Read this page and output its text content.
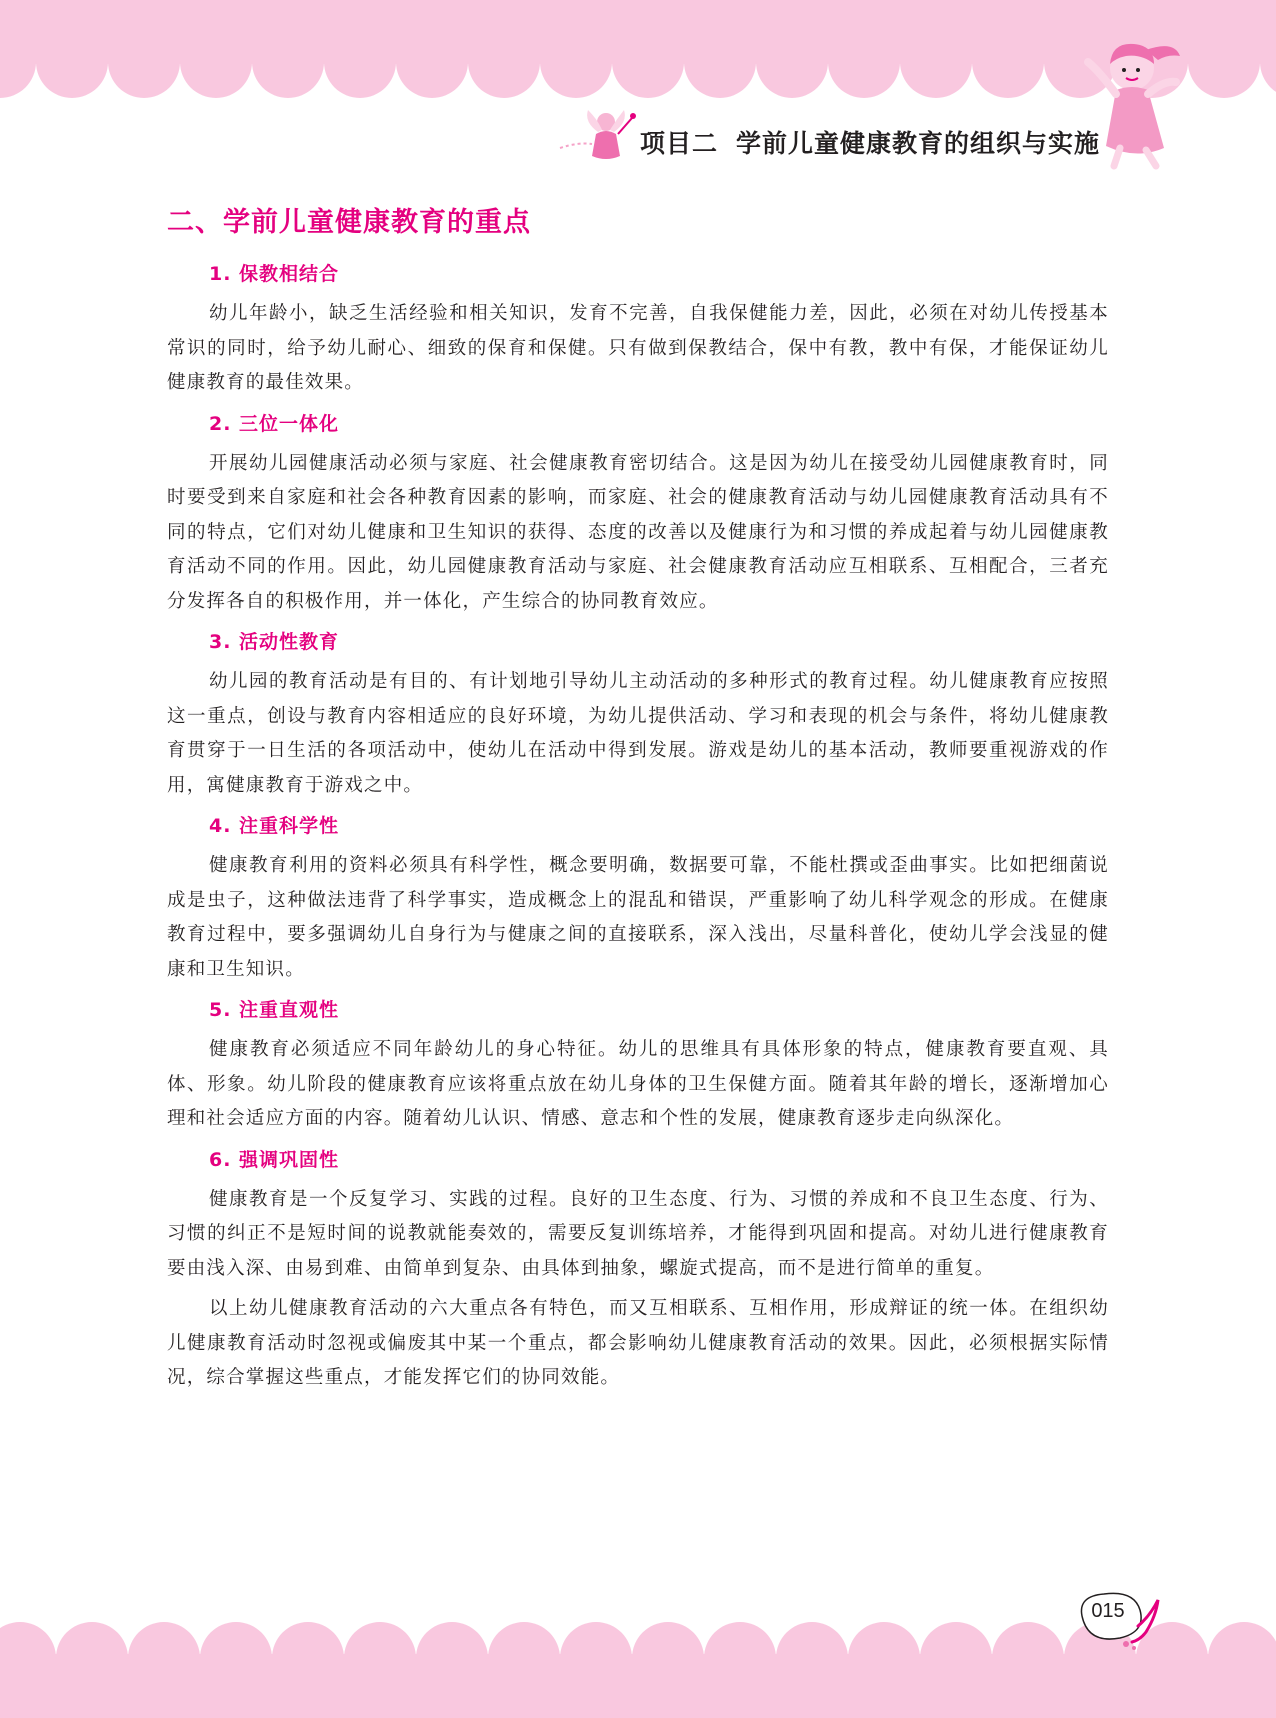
项目二 学前儿童健康教育的组织与实施
二、学前儿童健康教育的重点
1. 保教相结合

幼儿年龄小，缺乏生活经验和相关知识，发育不完善，自我保健能力差，因此，必须在对幼儿传授基本常识的同时，给予幼儿耐心、细致的保育和保健。只有做到保教结合，保中有教，教中有保，才能保证幼儿健康教育的最佳效果。

2. 三位一体化

开展幼儿园健康活动必须与家庭、社会健康教育密切结合。这是因为幼儿在接受幼儿园健康教育时，同时要受到来自家庭和社会各种教育因素的影响，而家庭、社会的健康教育活动与幼儿园健康教育活动具有不同的特点，它们对幼儿健康和卫生知识的获得、态度的改善以及健康行为和习惯的养成起着与幼儿园健康教育活动不同的作用。因此，幼儿园健康教育活动与家庭、社会健康教育活动应互相联系、互相配合，三者充分发挥各自的积极作用，并一体化，产生综合的协同教育效应。

3. 活动性教育

幼儿园的教育活动是有目的、有计划地引导幼儿主动活动的多种形式的教育过程。幼儿健康教育应按照这一重点，创设与教育内容相适应的良好环境，为幼儿提供活动、学习和表现的机会与条件，将幼儿健康教育贯穿于一日生活的各项活动中，使幼儿在活动中得到发展。游戏是幼儿的基本活动，教师要重视游戏的作用，寓健康教育于游戏之中。

4. 注重科学性

健康教育利用的资料必须具有科学性，概念要明确，数据要可靠，不能杜撰或歪曲事实。比如把细菌说成是虫子，这种做法违背了科学事实，造成概念上的混乱和错误，严重影响了幼儿科学观念的形成。在健康教育过程中，要多强调幼儿自身行为与健康之间的直接联系，深入浅出，尽量科普化，使幼儿学会浅显的健康和卫生知识。

5. 注重直观性

健康教育必须适应不同年龄幼儿的身心特征。幼儿的思维具有具体形象的特点，健康教育要直观、具体、形象。幼儿阶段的健康教育应该将重点放在幼儿身体的卫生保健方面。随着其年龄的增长，逐渐增加心理和社会适应方面的内容。随着幼儿认识、情感、意志和个性的发展，健康教育逐步走向纵深化。

6. 强调巩固性

健康教育是一个反复学习、实践的过程。良好的卫生态度、行为、习惯的养成和不良卫生态度、行为、习惯的纠正不是短时间的说教就能奏效的，需要反复训练培养，才能得到巩固和提高。对幼儿进行健康教育要由浅入深、由易到难、由简单到复杂、由具体到抽象，螺旋式提高，而不是进行简单的重复。

以上幼儿健康教育活动的六大重点各有特色，而又互相联系、互相作用，形成辩证的统一体。在组织幼儿健康教育活动时忽视或偏废其中某一个重点，都会影响幼儿健康教育活动的效果。因此，必须根据实际情况，综合掌握这些重点，才能发挥它们的协同效能。

015
